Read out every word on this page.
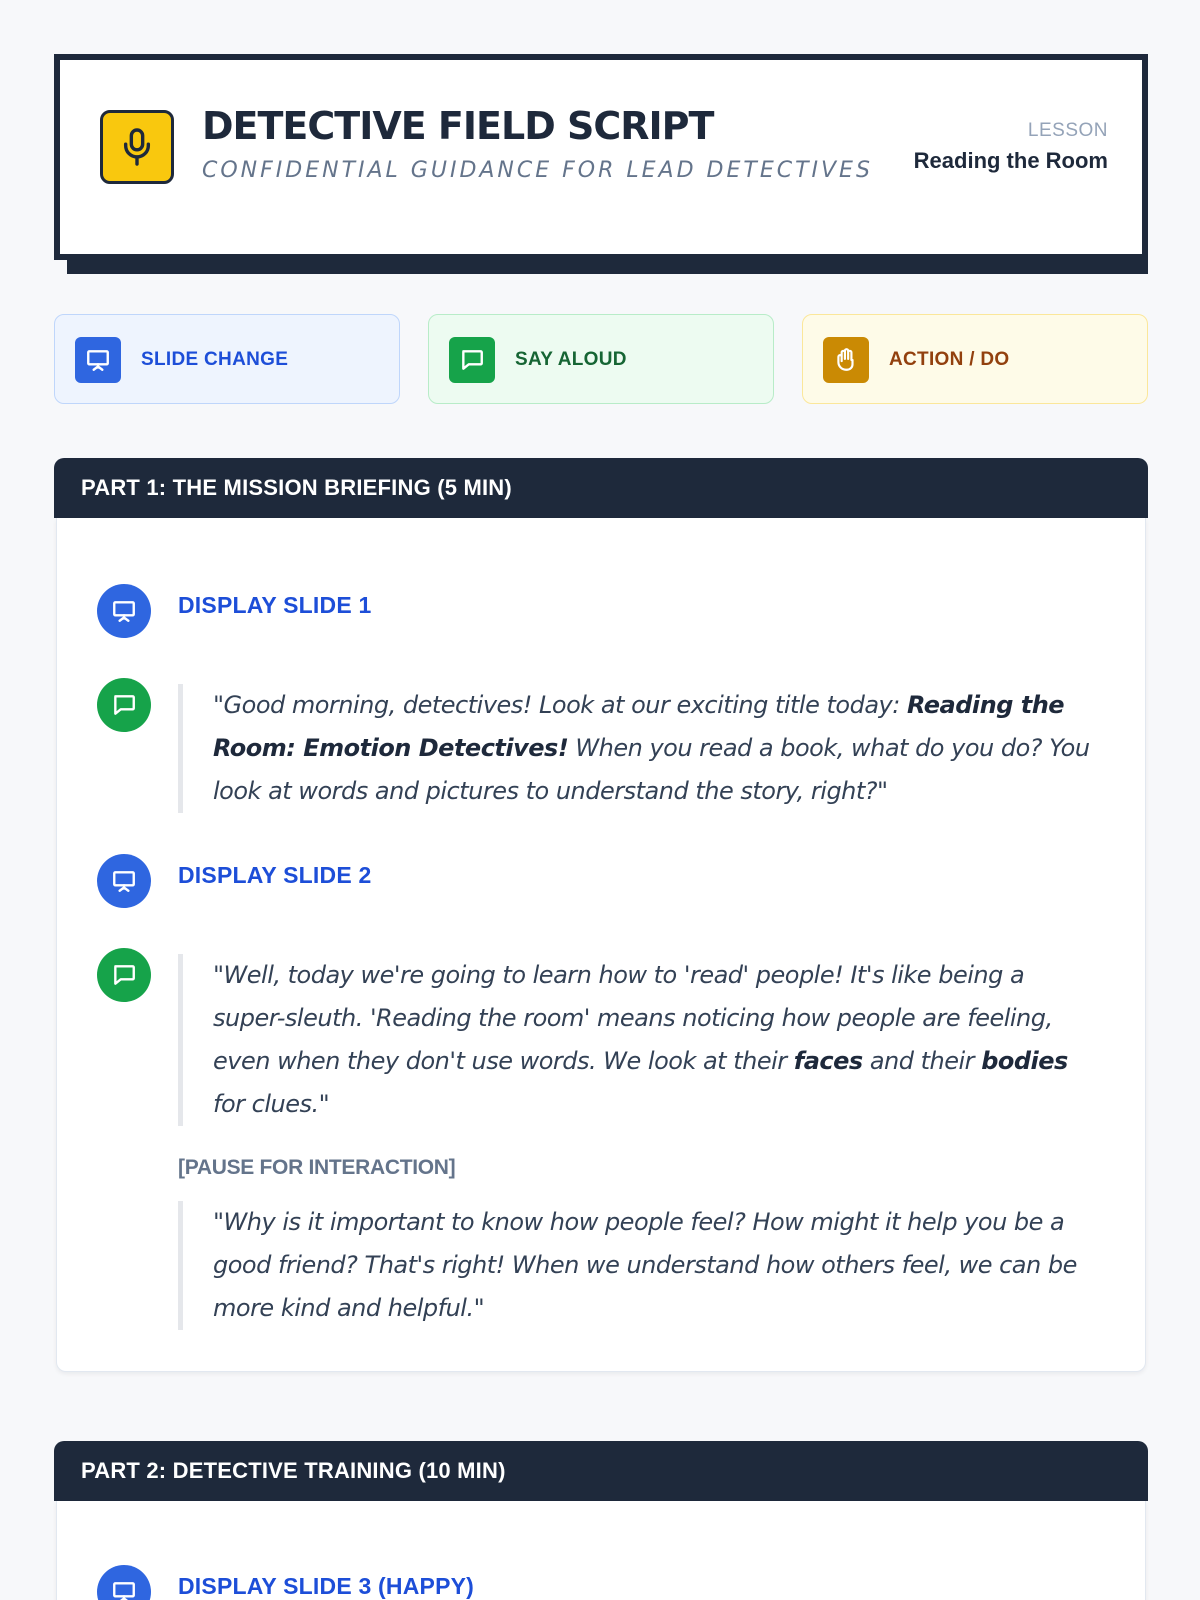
DETECTIVE FIELD SCRIPT
CONFIDENTIAL GUIDANCE FOR LEAD DETECTIVES
LESSON
Reading the Room
SLIDE CHANGE	SAY ALOUD	ACTION / DO
PART 1: THE MISSION BRIEFING (5 MIN)
DISPLAY SLIDE 1
"Good morning, detectives! Look at our exciting title today: Reading the Room: Emotion Detectives! When you read a book, what do you do? You look at words and pictures to understand the story, right?"
DISPLAY SLIDE 2
"Well, today we're going to learn how to 'read' people! It's like being a super-sleuth. 'Reading the room' means noticing how people are feeling, even when they don't use words. We look at their faces and their bodies for clues."
[PAUSE FOR INTERACTION]
"Why is it important to know how people feel? How might it help you be a good friend? That's right! When we understand how others feel, we can be more kind and helpful."
PART 2: DETECTIVE TRAINING (10 MIN)
DISPLAY SLIDE 3 (HAPPY)
